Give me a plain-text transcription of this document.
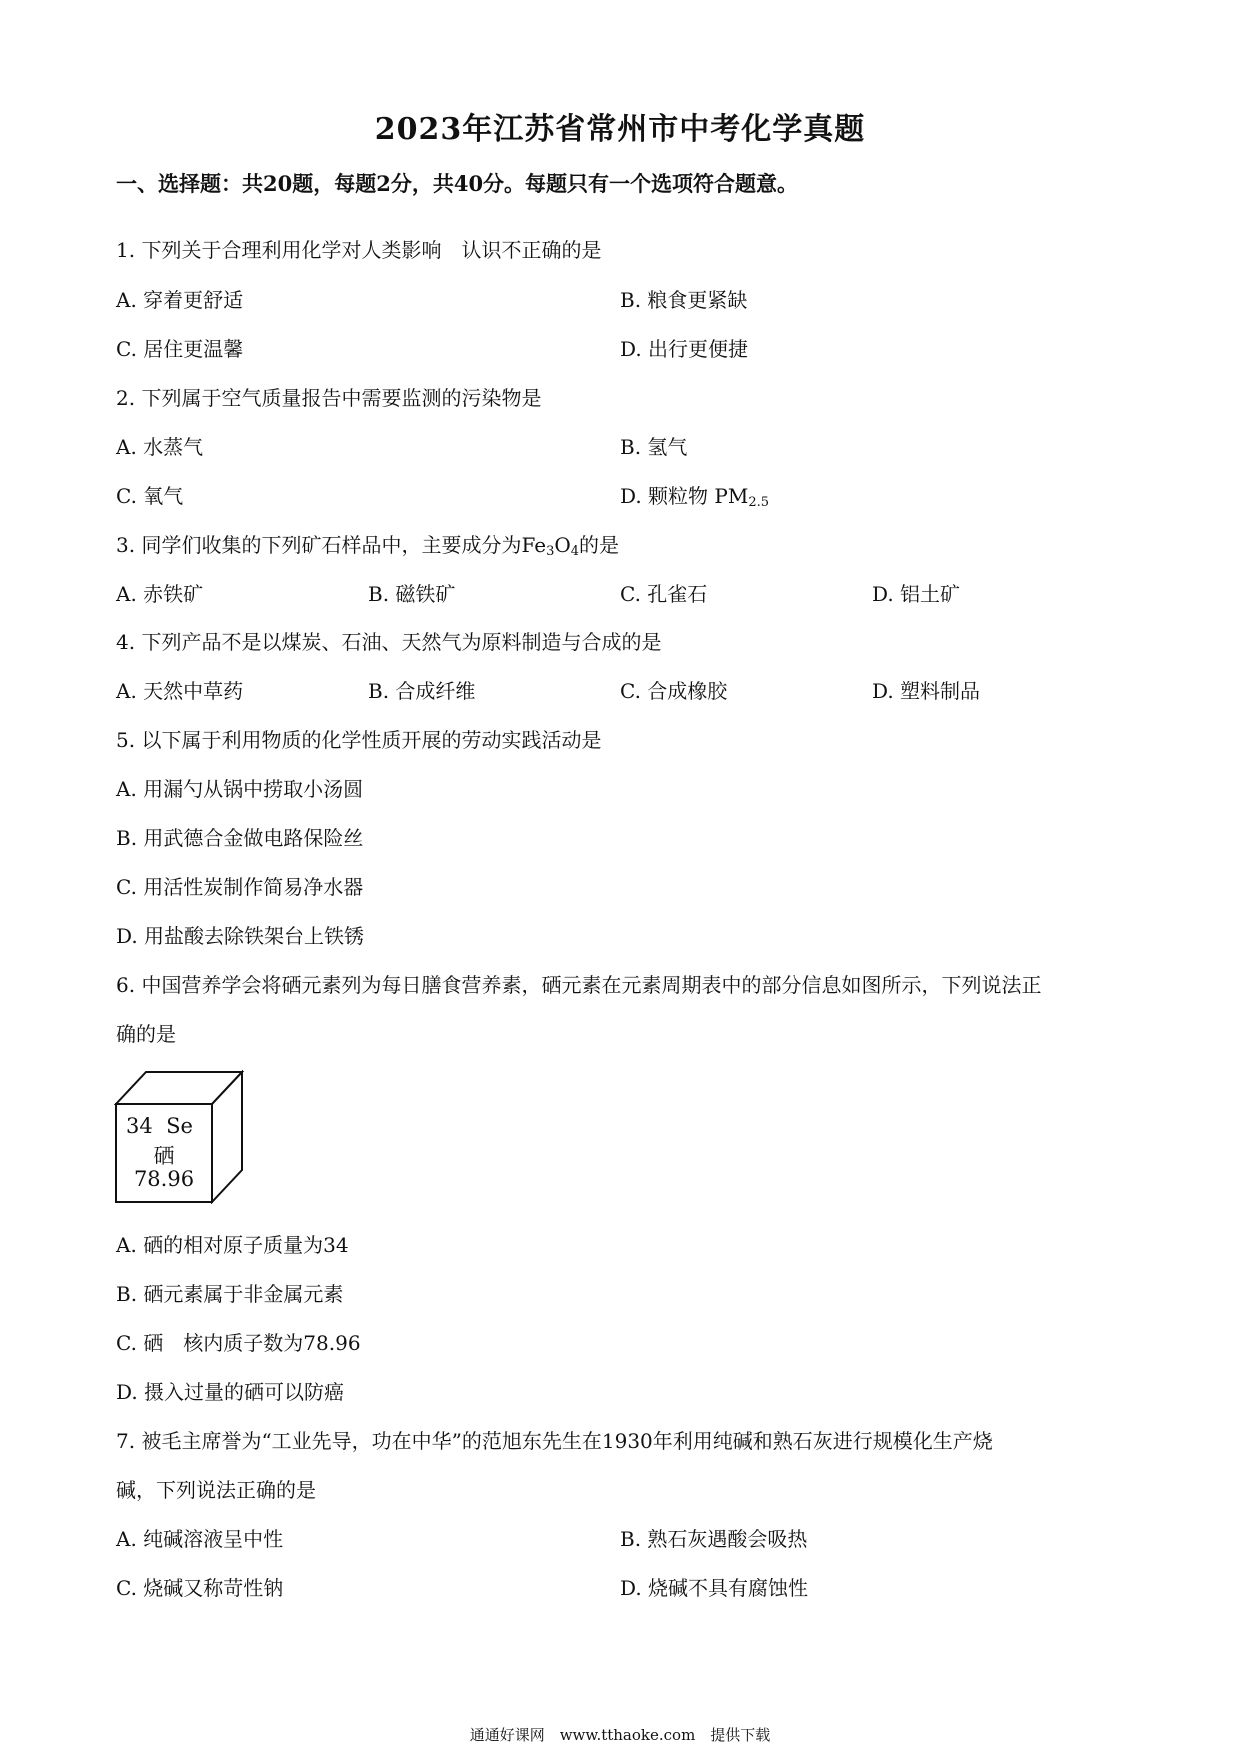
2023年江苏省常州市中考化学真题
一、选择题：共20题，每题2分，共40分。每题只有一个选项符合题意。
1. 下列关于合理利用化学对人类影响　认识不正确的是
A. 穿着更舒适	B. 粮食更紧缺
C. 居住更温馨	D. 出行更便捷
2. 下列属于空气质量报告中需要监测的污染物是
A. 水蒸气	B. 氢气
C. 氧气	D. 颗粒物 $PM_{2.5}$
3. 同学们收集的下列矿石样品中，主要成分为$Fe_3O_4$的是
A. 赤铁矿	B. 磁铁矿	C. 孔雀石	D. 铝土矿
4. 下列产品不是以煤炭、石油、天然气为原料制造与合成的是
A. 天然中草药	B. 合成纤维	C. 合成橡胶	D. 塑料制品
5. 以下属于利用物质的化学性质开展的劳动实践活动是
A. 用漏勺从锅中捞取小汤圆
B. 用武德合金做电路保险丝
C. 用活性炭制作简易净水器
D. 用盐酸去除铁架台上铁锈
6. 中国营养学会将硒元素列为每日膳食营养素，硒元素在元素周期表中的部分信息如图所示，下列说法正
确的是
34 Se
硒
78.96
A. 硒的相对原子质量为34
B. 硒元素属于非金属元素
C. 硒　核内质子数为78.96
D. 摄入过量的硒可以防癌
7. 被毛主席誉为“工业先导，功在中华”的范旭东先生在1930年利用纯碱和熟石灰进行规模化生产烧
碱，下列说法正确的是
A. 纯碱溶液呈中性	B. 熟石灰遇酸会吸热
C. 烧碱又称苛性钠	D. 烧碱不具有腐蚀性
通通好课网　www.tthaoke.com　提供下载
